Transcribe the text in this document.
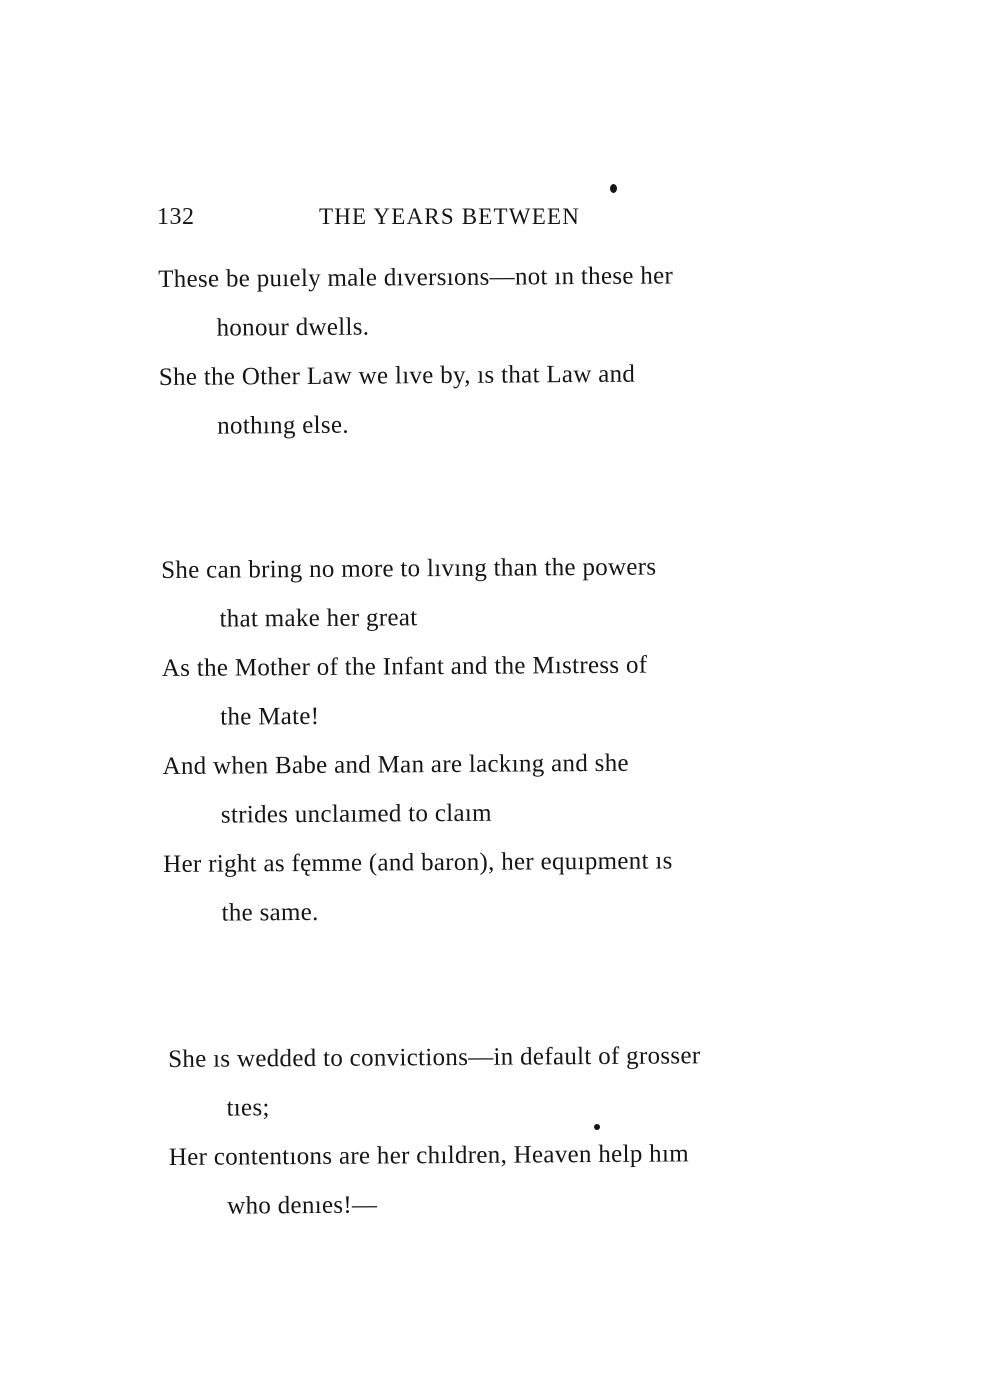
132	THE YEARS BETWEEN
These be puıely male dıversıons—not ın these her
honour dwells.
She the Other Law we lıve by, ıs that Law and
nothıng else.
She can bring no more to lıvıng than the powers
that make her great
As the Mother of the Infant and the Mıstress of
the Mate!
And when Babe and Man are lackıng and she
strides unclaımed to claım
Her right as fęmme (and baron), her equıpment ıs
the same.
She ıs wedded to convictions—in default of grosser
tıes;
Her contentıons are her chıldren, Heaven help hım
who denıes!—
